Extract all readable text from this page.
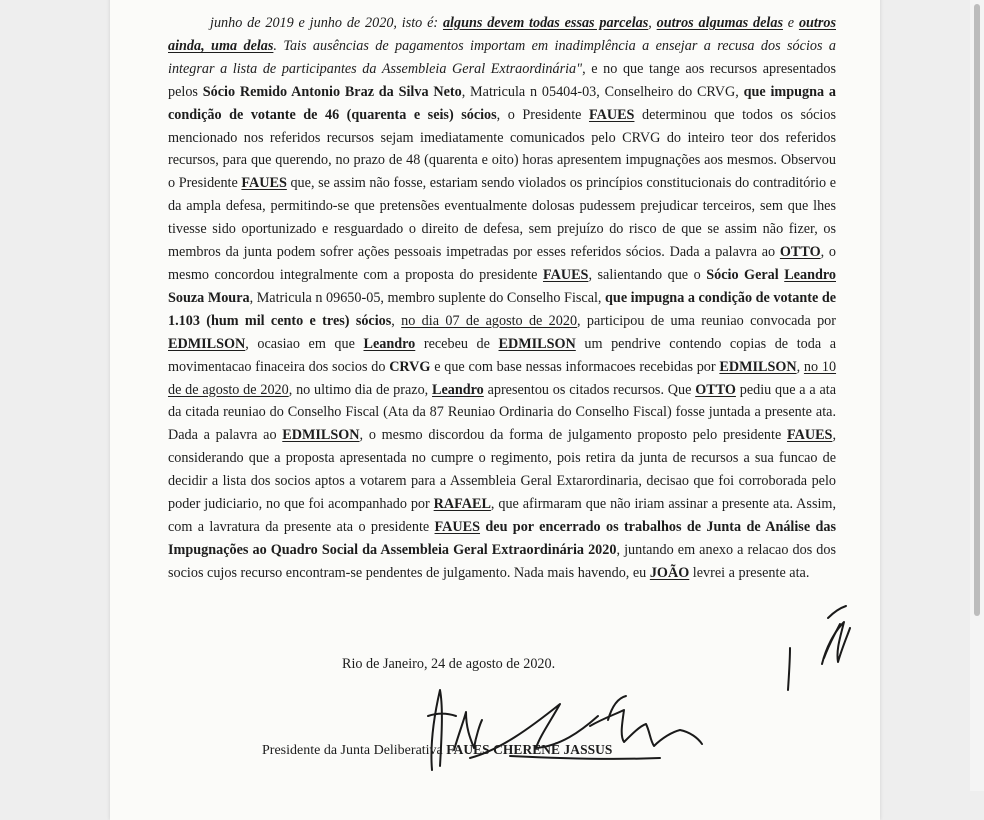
junho de 2019 e junho de 2020, isto é: alguns devem todas essas parcelas, outros algumas delas e outros ainda, uma delas. Tais ausências de pagamentos importam em inadimplência a ensejar a recusa dos sócios a integrar a lista de participantes da Assembleia Geral Extraordinária", e no que tange aos recursos apresentados pelos Sócio Remido Antonio Braz da Silva Neto, Matricula n 05404-03, Conselheiro do CRVG, que impugna a condição de votante de 46 (quarenta e seis) sócios, o Presidente FAUES determinou que todos os sócios mencionado nos referidos recursos sejam imediatamente comunicados pelo CRVG do inteiro teor dos referidos recursos, para que querendo, no prazo de 48 (quarenta e oito) horas apresentem impugnações aos mesmos. Observou o Presidente FAUES que, se assim não fosse, estariam sendo violados os princípios constitucionais do contraditório e da ampla defesa, permitindo-se que pretensões eventualmente dolosas pudessem prejudicar terceiros, sem que lhes tivesse sido oportunizado e resguardado o direito de defesa, sem prejuízo do risco de que se assim não fizer, os membros da junta podem sofrer ações pessoais impetradas por esses referidos sócios. Dada a palavra ao OTTO, o mesmo concordou integralmente com a proposta do presidente FAUES, salientando que o Sócio Geral Leandro Souza Moura, Matricula n 09650-05, membro suplente do Conselho Fiscal, que impugna a condição de votante de 1.103 (hum mil cento e tres) sócios, no dia 07 de agosto de 2020, participou de uma reuniao convocada por EDMILSON, ocasiao em que Leandro recebeu de EDMILSON um pendrive contendo copias de toda a movimentacao finaceira dos socios do CRVG e que com base nessas informacoes recebidas por EDMILSON, no 10 de de agosto de 2020, no ultimo dia de prazo, Leandro apresentou os citados recursos. Que OTTO pediu que a a ata da citada reuniao do Conselho Fiscal (Ata da 87 Reuniao Ordinaria do Conselho Fiscal) fosse juntada a presente ata. Dada a palavra ao EDMILSON, o mesmo discordou da forma de julgamento proposto pelo presidente FAUES, considerando que a proposta apresentada no cumpre o regimento, pois retira da junta de recursos a sua funcao de decidir a lista dos socios aptos a votarem para a Assembleia Geral Extarordinaria, decisao que foi corroborada pelo poder judiciario, no que foi acompanhado por RAFAEL, que afirmaram que não iriam assinar a presente ata. Assim, com a lavratura da presente ata o presidente FAUES deu por encerrado os trabalhos de Junta de Análise das Impugnações ao Quadro Social da Assembleia Geral Extraordinária 2020, juntando em anexo a relacao dos dos socios cujos recurso encontram-se pendentes de julgamento. Nada mais havendo, eu JOÃO levrei a presente ata.

Rio de Janeiro, 24 de agosto de 2020.
Presidente da Junta Deliberativa FAUES CHERENÉ JASSUS
